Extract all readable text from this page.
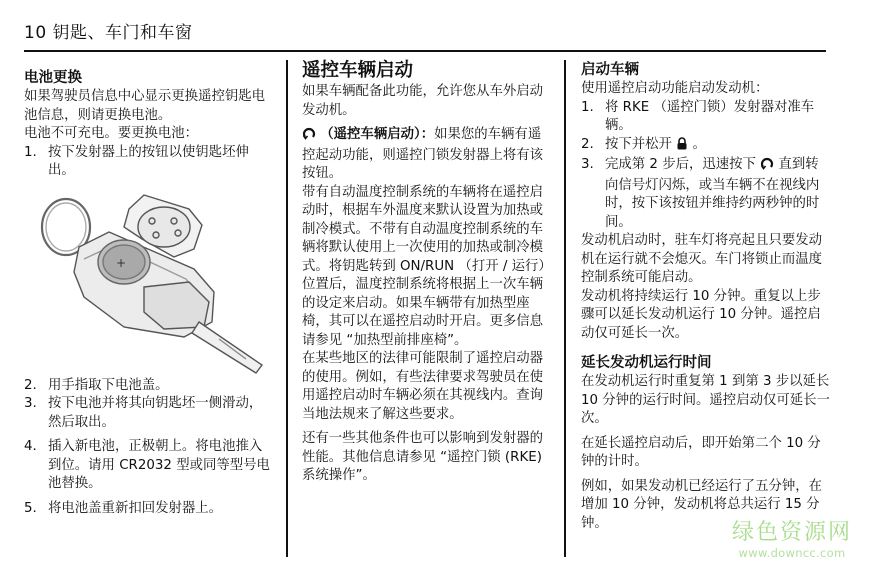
10 钥匙、车门和车窗
电池更换

如果驾驶员信息中心显示更换遥控钥匙电池信息，则请更换电池。

电池不可充电。要更换电池：

1. 按下发射器上的按钮以使钥匙坯伸出。
+
2. 用手指取下电池盖。
3. 按下电池并将其向钥匙坯一侧滑动，然后取出。
4. 插入新电池，正极朝上。将电池推入到位。请用 CR2032 型或同等型号电池替换。
5. 将电池盖重新扣回发射器上。
遥控车辆启动

如果车辆配备此功能，允许您从车外启动发动机。

（遥控车辆启动）：如果您的车辆有遥控起动功能，则遥控门锁发射器上将有该按钮。

带有自动温度控制系统的车辆将在遥控启动时，根据车外温度来默认设置为加热或制冷模式。不带有自动温度控制系统的车辆将默认使用上一次使用的加热或制冷模式。将钥匙转到 ON/RUN （打开 / 运行）位置后，温度控制系统将根据上一次车辆的设定来启动。如果车辆带有加热型座椅，其可以在遥控启动时开启。更多信息请参见 “加热型前排座椅”。

在某些地区的法律可能限制了遥控启动器的使用。例如，有些法律要求驾驶员在使用遥控启动时车辆必须在其视线内。查询当地法规来了解这些要求。

还有一些其他条件也可以影响到发射器的性能。其他信息请参见 “遥控门锁 (RKE) 系统操作”。

启动车辆

使用遥控启动功能启动发动机：

1. 将 RKE （遥控门锁）发射器对准车辆。
2. 按下并松开 。
3. 完成第 2 步后，迅速按下 直到转向信号灯闪烁，或当车辆不在视线内时，按下该按钮并维持约两秒钟的时间。

发动机启动时，驻车灯将亮起且只要发动机在运行就不会熄灭。车门将锁止而温度控制系统可能启动。

发动机将持续运行 10 分钟。重复以上步骤可以延长发动机运行 10 分钟。遥控启动仅可延长一次。

延长发动机运行时间

在发动机运行时重复第 1 到第 3 步以延长 10 分钟的运行时间。遥控启动仅可延长一次。

在延长遥控启动后，即开始第二个 10 分钟的计时。

例如，如果发动机已经运行了五分钟，在增加 10 分钟，发动机将总共运行 15 分钟。	绿色资源网
www.downcc.com
